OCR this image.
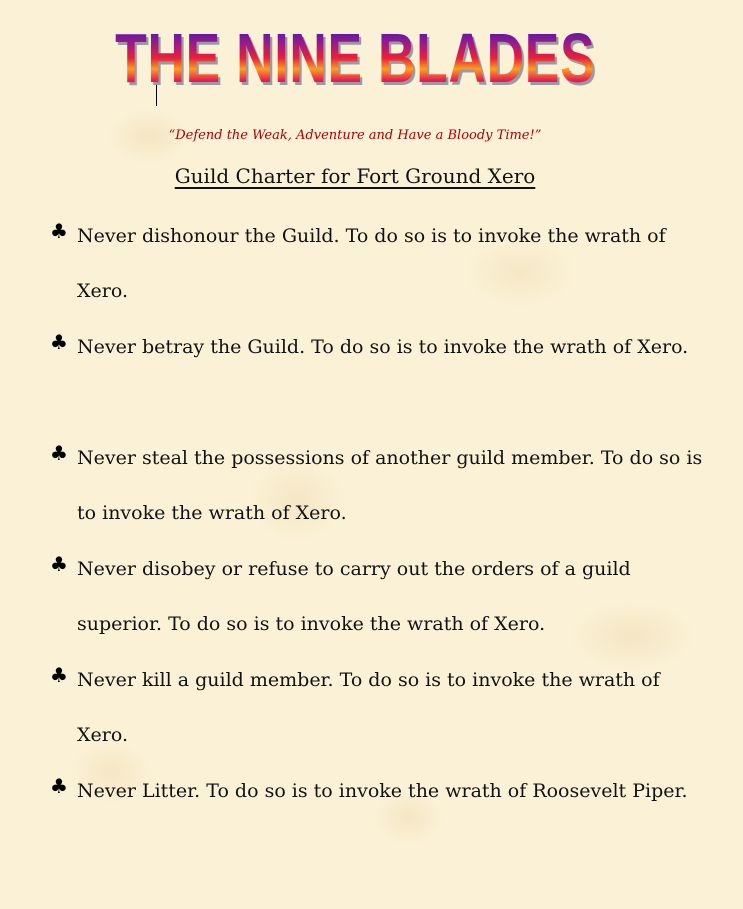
THE NINE BLADES
“Defend the Weak, Adventure and Have a Bloody Time!”
Guild Charter for Fort Ground Xero
♣ Never dishonour the Guild. To do so is to invoke the wrath of Xero.
♣ Never betray the Guild. To do so is to invoke the wrath of Xero.
♣ Never steal the possessions of another guild member. To do so is to invoke the wrath of Xero.
♣ Never disobey or refuse to carry out the orders of a guild superior. To do so is to invoke the wrath of Xero.
♣ Never kill a guild member. To do so is to invoke the wrath of Xero.
♣ Never Litter. To do so is to invoke the wrath of Roosevelt Piper.
